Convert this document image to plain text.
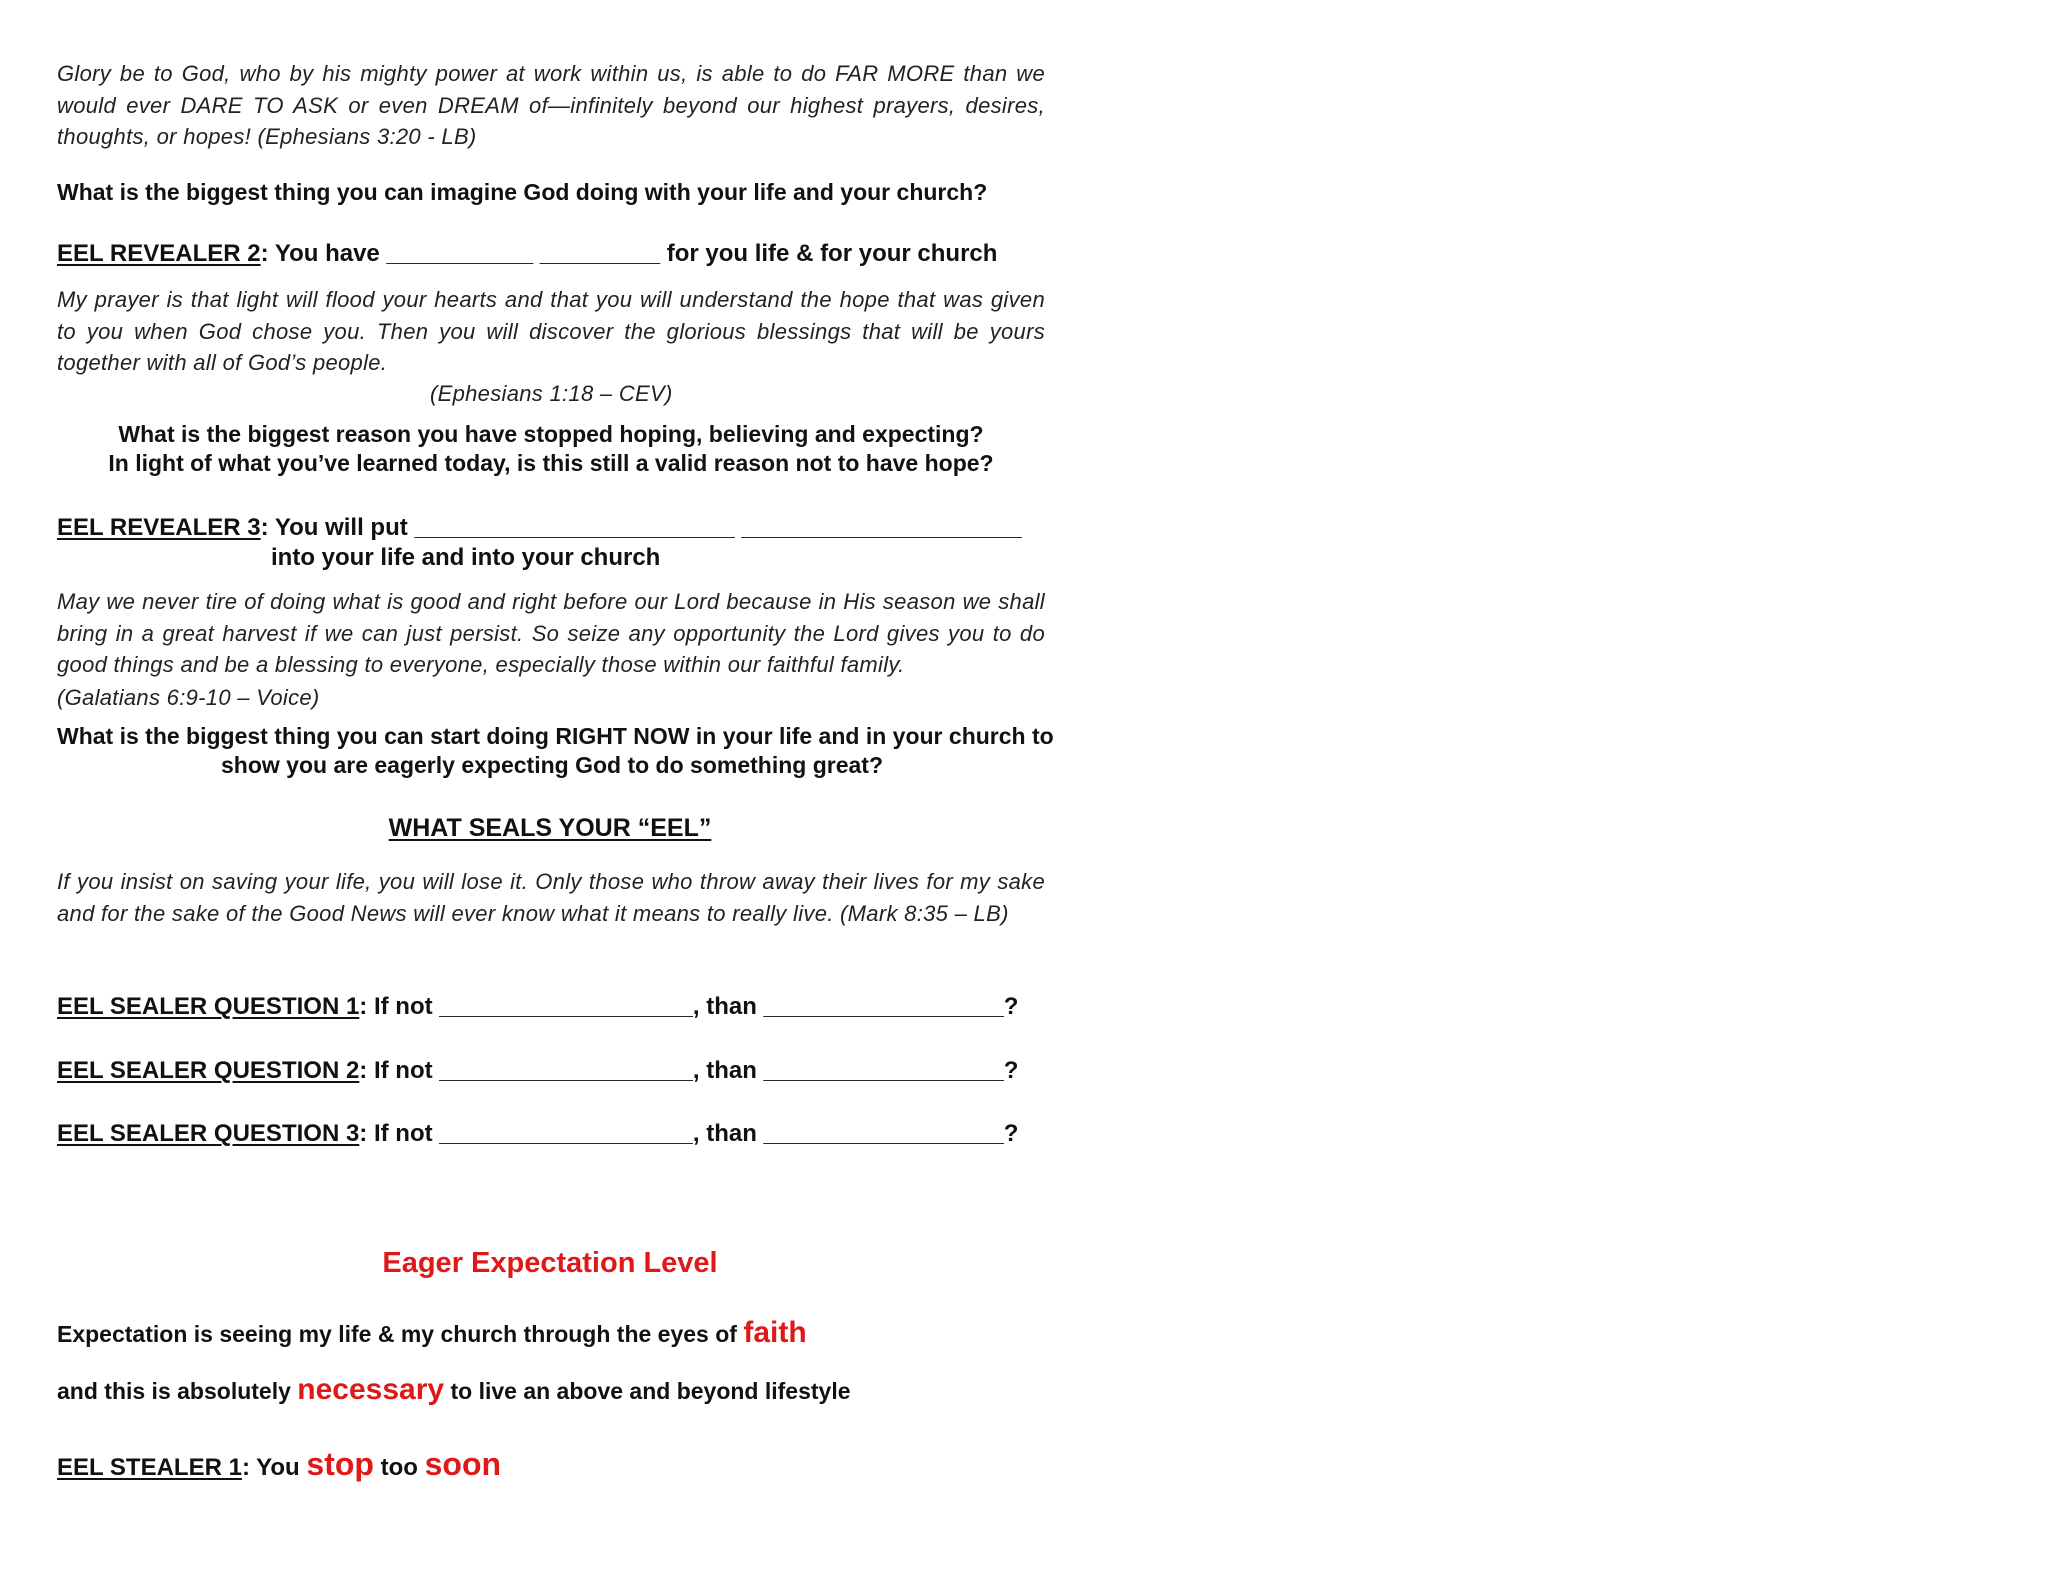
Glory be to God, who by his mighty power at work within us, is able to do FAR MORE than we would ever DARE TO ASK or even DREAM of—infinitely beyond our highest prayers, desires, thoughts, or hopes! (Ephesians 3:20 - LB)

What is the biggest thing you can imagine God doing with your life and your church?

EEL REVEALER 2: You have ___________ _________ for you life & for your church

My prayer is that light will flood your hearts and that you will understand the hope that was given to you when God chose you. Then you will discover the glorious blessings that will be yours together with all of God’s people.

(Ephesians 1:18 – CEV)

What is the biggest reason you have stopped hoping, believing and expecting?

In light of what you’ve learned today, is this still a valid reason not to have hope?

EEL REVEALER 3: You will put ________________________ _____________________

into your life and into your church

May we never tire of doing what is good and right before our Lord because in His season we shall bring in a great harvest if we can just persist. So seize any opportunity the Lord gives you to do good things and be a blessing to everyone, especially those within our faithful family.

(Galatians 6:9-10 – Voice)

What is the biggest thing you can start doing RIGHT NOW in your life and in your church to

show you are eagerly expecting God to do something great?

WHAT SEALS YOUR “EEL”

If you insist on saving your life, you will lose it. Only those who throw away their lives for my sake and for the sake of the Good News will ever know what it means to really live. (Mark 8:35 – LB)

EEL SEALER QUESTION 1: If not ___________________, than __________________?

EEL SEALER QUESTION 2: If not ___________________, than __________________?

EEL SEALER QUESTION 3: If not ___________________, than __________________?

Eager Expectation Level

Expectation is seeing my life & my church through the eyes of faith

and this is absolutely necessary to live an above and beyond lifestyle

EEL STEALER 1: You stop too soon
